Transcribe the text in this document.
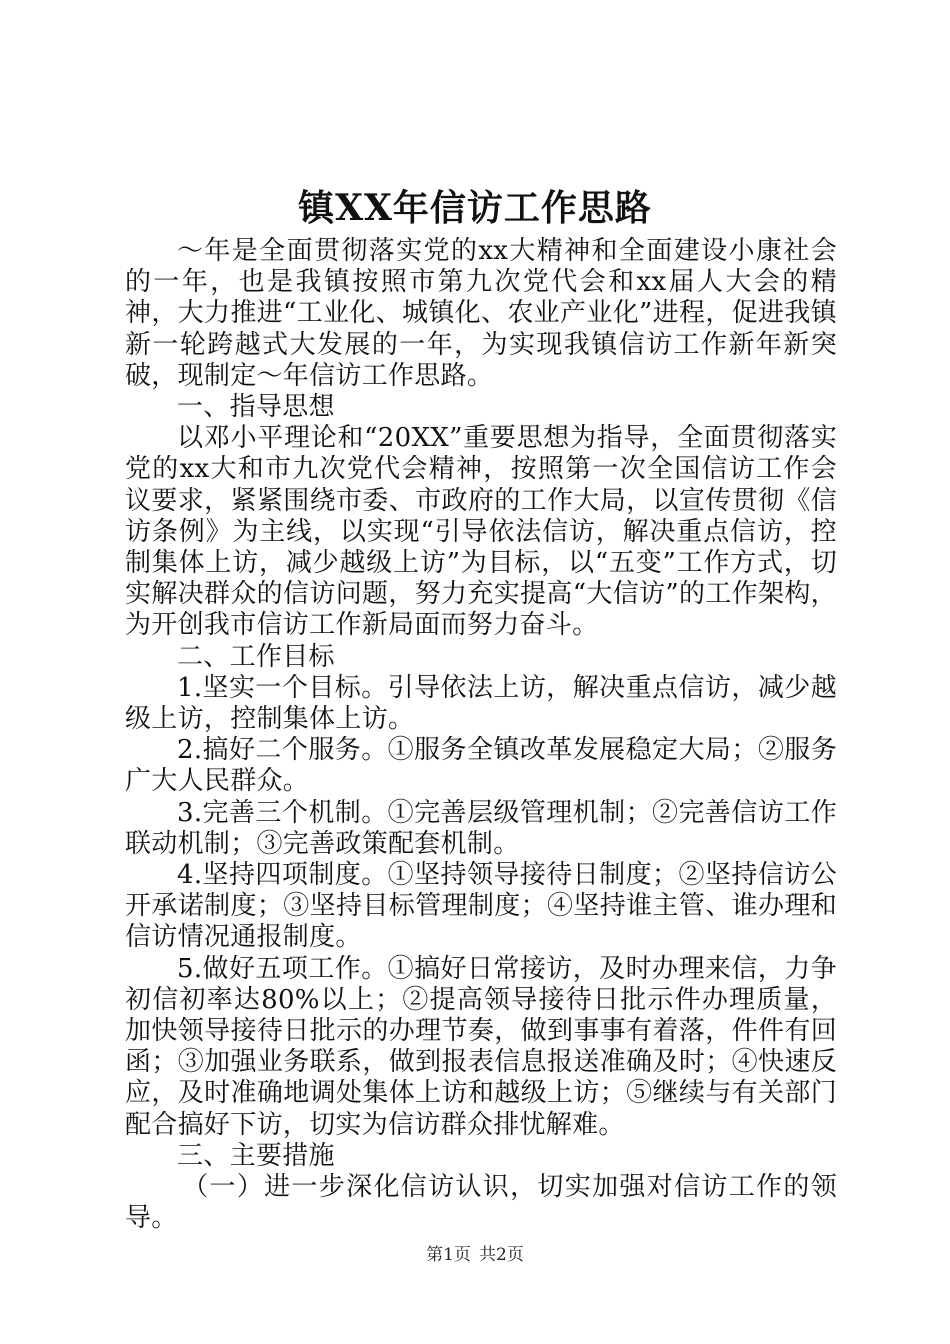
镇XX年信访工作思路

～年是全面贯彻落实党的xx大精神和全面建设小康社会的一年，也是我镇按照市第九次党代会和xx届人大会的精神，大力推进“工业化、城镇化、农业产业化”进程，促进我镇新一轮跨越式大发展的一年，为实现我镇信访工作新年新突破，现制定～年信访工作思路。

一、指导思想

以邓小平理论和“20XX”重要思想为指导，全面贯彻落实党的xx大和市九次党代会精神，按照第一次全国信访工作会议要求，紧紧围绕市委、市政府的工作大局，以宣传贯彻《信访条例》为主线，以实现“引导依法信访，解决重点信访，控制集体上访，减少越级上访”为目标，以“五变”工作方式，切实解决群众的信访问题，努力充实提高“大信访”的工作架构，为开创我市信访工作新局面而努力奋斗。

二、工作目标

1.坚实一个目标。引导依法上访，解决重点信访，减少越级上访，控制集体上访。

2.搞好二个服务。①服务全镇改革发展稳定大局；②服务广大人民群众。

3.完善三个机制。①完善层级管理机制；②完善信访工作联动机制；③完善政策配套机制。

4.坚持四项制度。①坚持领导接待日制度；②坚持信访公开承诺制度；③坚持目标管理制度；④坚持谁主管、谁办理和信访情况通报制度。

5.做好五项工作。①搞好日常接访，及时办理来信，力争初信初率达80%以上；②提高领导接待日批示件办理质量，加快领导接待日批示的办理节奏，做到事事有着落，件件有回函；③加强业务联系，做到报表信息报送准确及时；④快速反应，及时准确地调处集体上访和越级上访；⑤继续与有关部门配合搞好下访，切实为信访群众排忧解难。

三、主要措施

（一）进一步深化信访认识，切实加强对信访工作的领导。

第1页 共2页
